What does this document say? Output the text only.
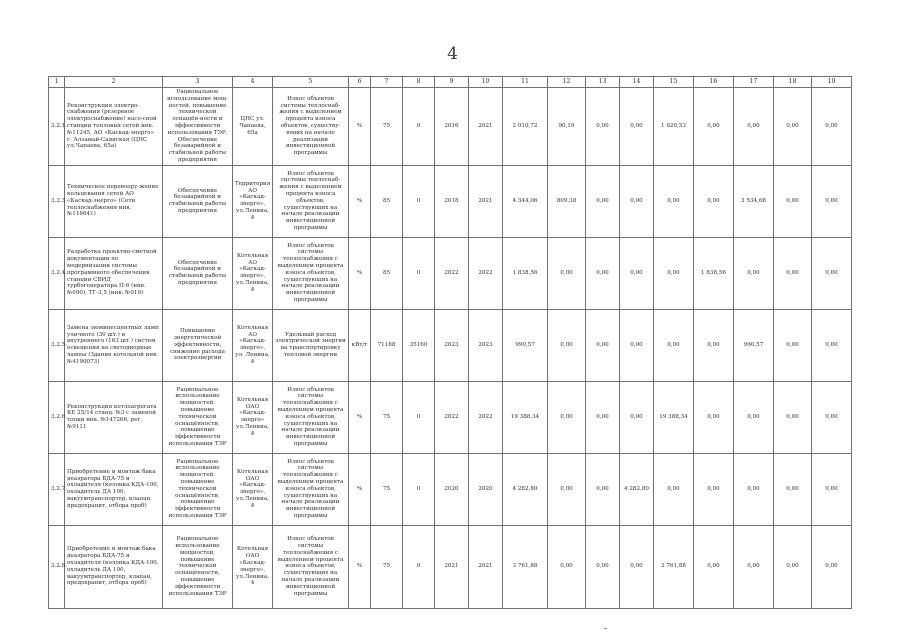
4
1	2	3	4	5	6	7	8	9	10	11	12	13	14	15	16	17	18	19
3.2.1.	Реконструкция электро-снабжения (резервное электроснабжение) насо-сной станции тепловых сетей инв.№11245, АО «Каскад-энерго» г. Алзамай-Саянская (ЦНС ул.Чапаева, 65а)	Рациональное использование мощ-ностей, повышение технической оснащён-ности и эффективности использования ТЭР. Обеспечение безаварийной и стабильной работы предприятия	ЦНС ул. Чапаева, 65а	Износ объектов системы теплоснаб-жения с выделением процента износа объектов, существу-ющих на начало реализации инвестиционной программы	%	75	0	2016	2021	2 010,72	90,19	0,00	0,00	1 920,53	0,00	0,00	0,00	0,00
3.2.3.	Техническое перевоору-жение кольцевания сетей АО «Каскад-энерго» (Сети теплоснабжения инв. №116641)	Обеспечение безаварийной и стабильной работы предприятия	Территория АО «Каскад-энерго», ул.Ленина, 4	Износ объектов системы теплоснаб-жения с выделением процента износа объектов, существующих на начало реализации инвестиционной программы	%	85	0	2018	2021	4 344,06	809,38	0,00	0,00	0,00	0,00	3 534,68	0,00	0,00
3.2.4.	Разработка проектно-сметной документации по модернизации системы программного обеспечения станции СВИД турбогенератора П-6 (инв. №090), ТГ-3,5 (инв. №019)	Обеспечение безаварийной и стабильной работы предприятия	Котельная АО «Каскад-энерго», ул.Ленина, 4	Износ объектов системы теплоснабжения с выделением процента износа объектов, существующих на начало реализации инвестиционной программы	%	85	0	2022	2022	1 838,56	0,00	0,00	0,00	0,00	1 838,56	0,00	0,00	0,00
3.2.5.	Замена люминесцентных ламп уличного (30 шт.) и внутреннего (163 шт.) систем освещения на светодиодные лампы (Здание котельной инв. №4190073)	Повышение энергетической эффективности, снижение расхода электроэнергии	Котельная АО «Каскад-энерго», ул. Ленина, 4	Удельный расход электрической энергии на транспортировку тепловой энергии	кВт/т	71188	35160	2023	2023	990,57	0,00	0,00	0,00	0,00	0,00	990,57	0,00	0,00
3.2.6.	Реконструкция котлоагрегата КЕ 25/14 станц. №3 с заменой топки инв. №147266, рег. №9111	Рациональное использование мощностей, повышение технической оснащённости, повышение эффективности использования ТЭР	Котельная ОАО «Каскад-энерго» ул.Ленина, 4	Износ объектов системы теплоснабжения с выделением процента износа объектов, существующих на начало реализации инвестиционной программы	%	75	0	2022	2022	19 388,34	0,00	0,00	0,00	19 388,34	0,00	0,00	0,00	0,00
3.2.7.	Приобретение и монтаж бака деаэратора БДА-75 и охладителя (колонка КДА-100, охладитель ДА 100, вакуумтранспортер, клапан, предохранит, отбора проб)	Рациональное использование мощностей, повышение технической оснащённости, повышение эффективности использования ТЭР	Котельная ОАО «Каскад-энерго», ул.Ленина, 4	Износ объектов системы теплоснабжения с выделением процента износа объектов, существующих на начало реализации инвестиционной программы	%	75	0	2020	2020	4 282,80	0,00	0,00	4 282,80	0,00	0,00	0,00	0,00	0,00
3.2.8.	Приобретение и монтаж бака деаэратора БДА-75 и охладителя (колонка КДА-100, охладитель ДА 100, вакуумтранспортер, клапан, предохранит, отбора проб)	Рациональное использование мощностей, повышение технической оснащённости, повышение эффективности использования ТЭР	Котельная ОАО «Каскад-энерго», ул.Ленина, 4	Износ объектов системы теплоснабжения с выделением процента износа объектов, существующих на начало реализации инвестиционной программы	%	75	0	2021	2021	3 761,88	0,00	0,00	0,00	3 761,88	0,00	0,00	0,00	0,00
